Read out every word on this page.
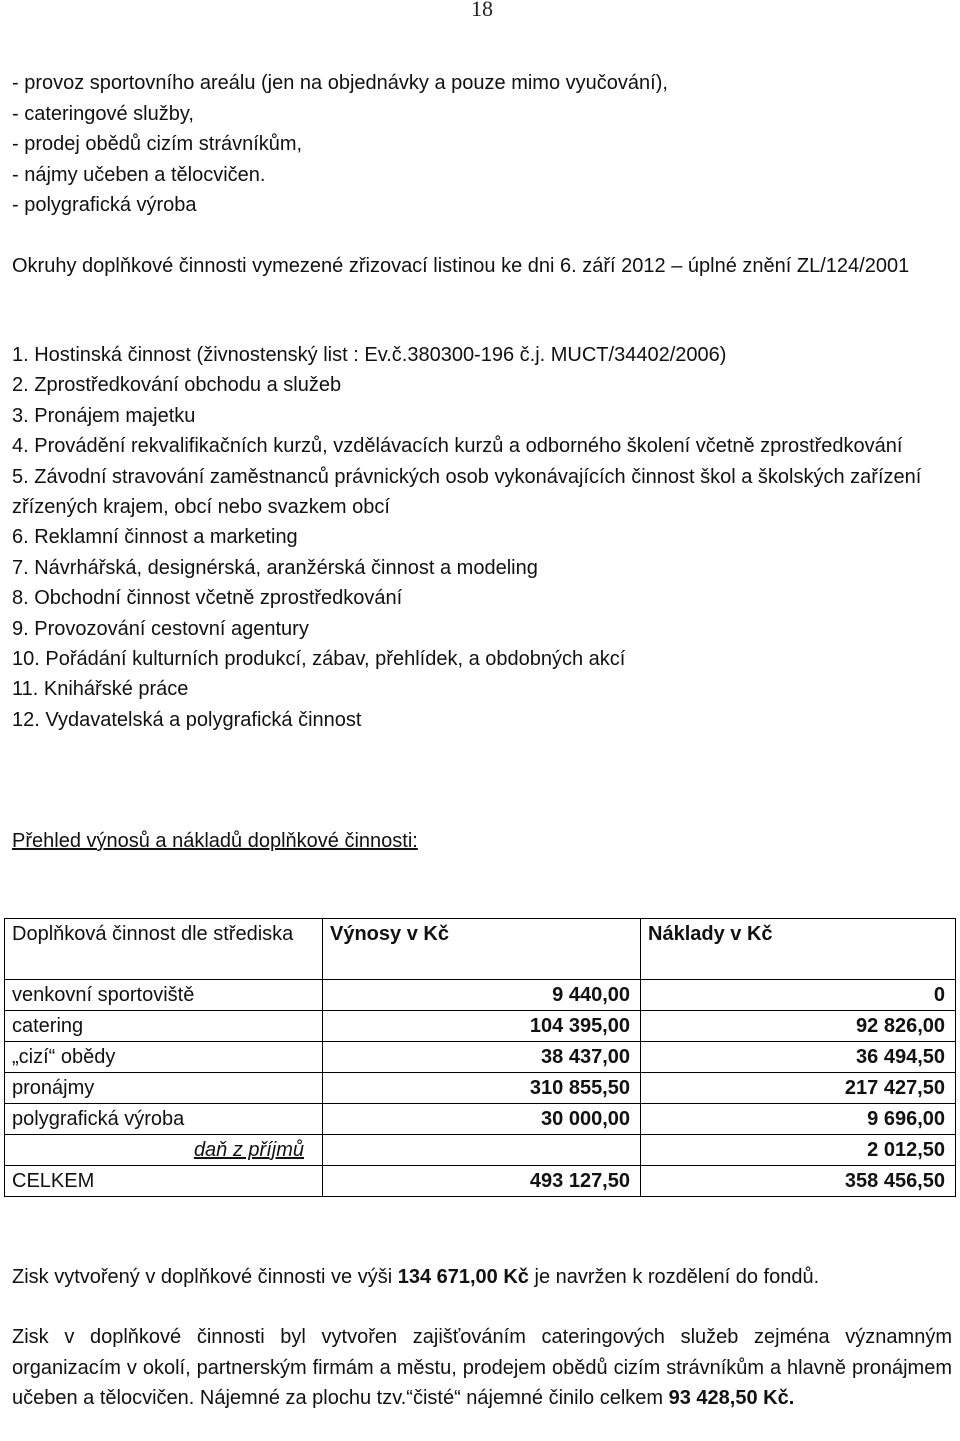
18
- provoz sportovního areálu (jen na objednávky a pouze mimo vyučování),
- cateringové služby,
- prodej obědů cizím strávníkům,
- nájmy učeben a tělocvičen.
- polygrafická výroba
Okruhy doplňkové činnosti vymezené zřizovací listinou ke dni 6. září 2012 – úplné znění ZL/124/2001
1. Hostinská činnost (živnostenský list : Ev.č.380300-196 č.j. MUCT/34402/2006)
2. Zprostředkování obchodu a služeb
3. Pronájem majetku
4. Provádění rekvalifikačních kurzů, vzdělávacích kurzů a odborného školení včetně zprostředkování
5. Závodní stravování zaměstnanců právnických osob vykonávajících činnost škol a školských zařízení zřízených krajem, obcí nebo svazkem obcí
6. Reklamní činnost a marketing
7. Návrhářská, designérská, aranžérská činnost a modeling
8. Obchodní činnost včetně zprostředkování
9. Provozování cestovní agentury
10. Pořádání kulturních produkcí, zábav, přehlídek, a obdobných akcí
11. Knihářské práce
12. Vydavatelská a polygrafická činnost
Přehled výnosů a nákladů doplňkové činnosti:
Doplňková činnost dle střediska	Výnosy v Kč	Náklady v Kč
venkovní sportoviště	9 440,00	0
catering	104 395,00	92 826,00
„cizí“ obědy	38 437,00	36 494,50
pronájmy	310 855,50	217 427,50
polygrafická výroba	30 000,00	9 696,00
daň z příjmů		2 012,50
CELKEM	493 127,50	358 456,50
Zisk vytvořený v doplňkové činnosti ve výši 134 671,00 Kč je navržen k rozdělení do fondů.
Zisk v doplňkové činnosti byl vytvořen zajišťováním cateringových služeb zejména významným organizacím v okolí, partnerským firmám a městu, prodejem obědů cizím strávníkům a hlavně pronájmem učeben a tělocvičen. Nájemné za plochu tzv.“čisté“ nájemné činilo celkem 93 428,50 Kč.
